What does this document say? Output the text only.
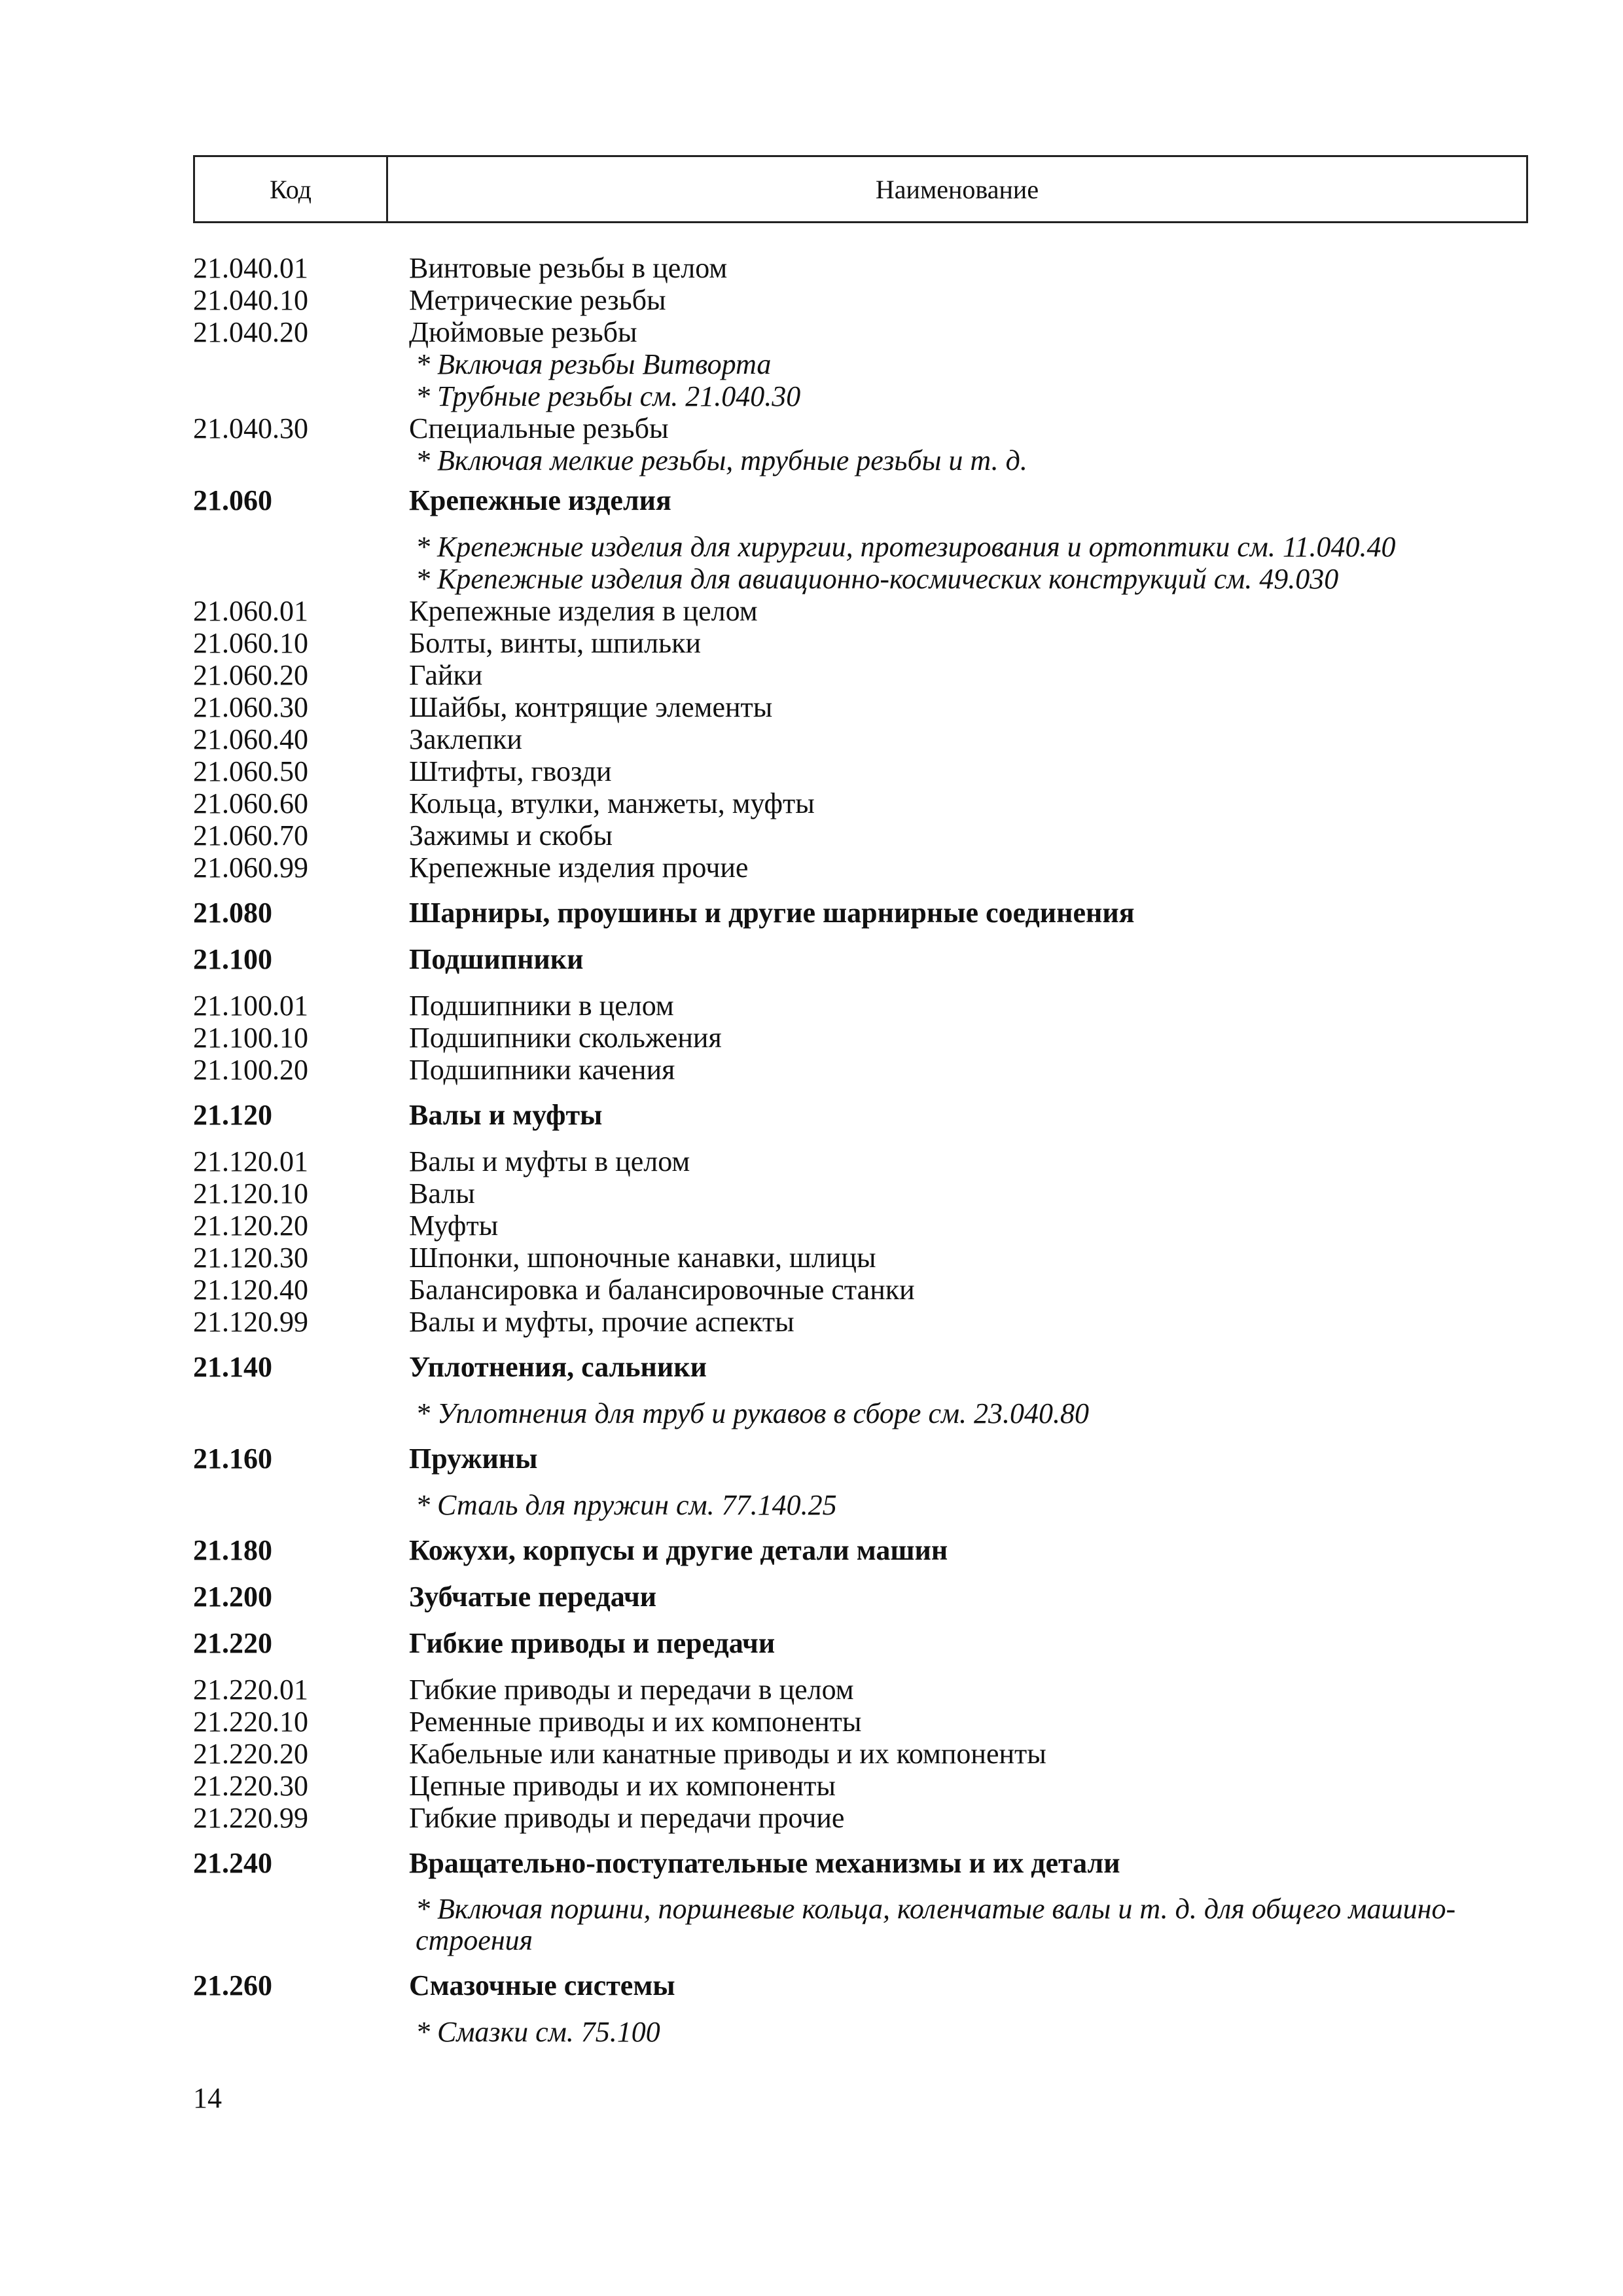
Код	Наименование
21.040.01	Винтовые резьбы в целом
21.040.10	Метрические резьбы
21.040.20	Дюймовые резьбы
* Включая резьбы Витворта
* Трубные резьбы см. 21.040.30
21.040.30	Специальные резьбы
* Включая мелкие резьбы, трубные резьбы и т. д.
21.060	Крепежные изделия
* Крепежные изделия для хирургии, протезирования и ортоптики см. 11.040.40
* Крепежные изделия для авиационно-космических конструкций см. 49.030
21.060.01	Крепежные изделия в целом
21.060.10	Болты, винты, шпильки
21.060.20	Гайки
21.060.30	Шайбы, контрящие элементы
21.060.40	Заклепки
21.060.50	Штифты, гвозди
21.060.60	Кольца, втулки, манжеты, муфты
21.060.70	Зажимы и скобы
21.060.99	Крепежные изделия прочие
21.080	Шарниры, проушины и другие шарнирные соединения
21.100	Подшипники
21.100.01	Подшипники в целом
21.100.10	Подшипники скольжения
21.100.20	Подшипники качения
21.120	Валы и муфты
21.120.01	Валы и муфты в целом
21.120.10	Валы
21.120.20	Муфты
21.120.30	Шпонки, шпоночные канавки, шлицы
21.120.40	Балансировка и балансировочные станки
21.120.99	Валы и муфты, прочие аспекты
21.140	Уплотнения, сальники
* Уплотнения для труб и рукавов в сборе см. 23.040.80
21.160	Пружины
* Сталь для пружин см. 77.140.25
21.180	Кожухи, корпусы и другие детали машин
21.200	Зубчатые передачи
21.220	Гибкие приводы и передачи
21.220.01	Гибкие приводы и передачи в целом
21.220.10	Ременные приводы и их компоненты
21.220.20	Кабельные или канатные приводы и их компоненты
21.220.30	Цепные приводы и их компоненты
21.220.99	Гибкие приводы и передачи прочие
21.240	Вращательно-поступательные механизмы и их детали
* Включая поршни, поршневые кольца, коленчатые валы и т. д. для общего машино-строения
21.260	Смазочные системы
* Смазки см. 75.100
14
